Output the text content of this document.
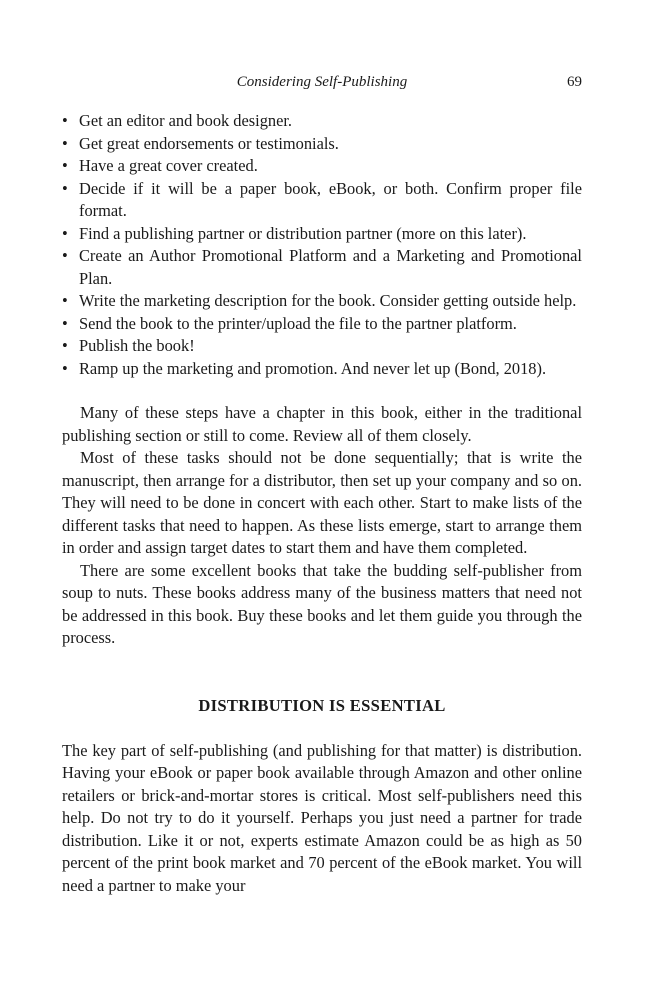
Considering Self-Publishing	69
• Get an editor and book designer.
• Get great endorsements or testimonials.
• Have a great cover created.
• Decide if it will be a paper book, eBook, or both. Confirm proper file format.
• Find a publishing partner or distribution partner (more on this later).
• Create an Author Promotional Platform and a Marketing and Promotional Plan.
• Write the marketing description for the book. Consider getting outside help.
• Send the book to the printer/upload the file to the partner platform.
• Publish the book!
• Ramp up the marketing and promotion. And never let up (Bond, 2018).

Many of these steps have a chapter in this book, either in the traditional publishing section or still to come. Review all of them closely.

Most of these tasks should not be done sequentially; that is write the manuscript, then arrange for a distributor, then set up your company and so on. They will need to be done in concert with each other. Start to make lists of the different tasks that need to happen. As these lists emerge, start to arrange them in order and assign target dates to start them and have them completed.

There are some excellent books that take the budding self-publisher from soup to nuts. These books address many of the business matters that need not be addressed in this book. Buy these books and let them guide you through the process.

DISTRIBUTION IS ESSENTIAL

The key part of self-publishing (and publishing for that matter) is distribution. Having your eBook or paper book available through Amazon and other online retailers or brick-and-mortar stores is critical. Most self-publishers need this help. Do not try to do it yourself. Perhaps you just need a partner for trade distribution. Like it or not, experts estimate Amazon could be as high as 50 percent of the print book market and 70 percent of the eBook market. You will need a partner to make your
